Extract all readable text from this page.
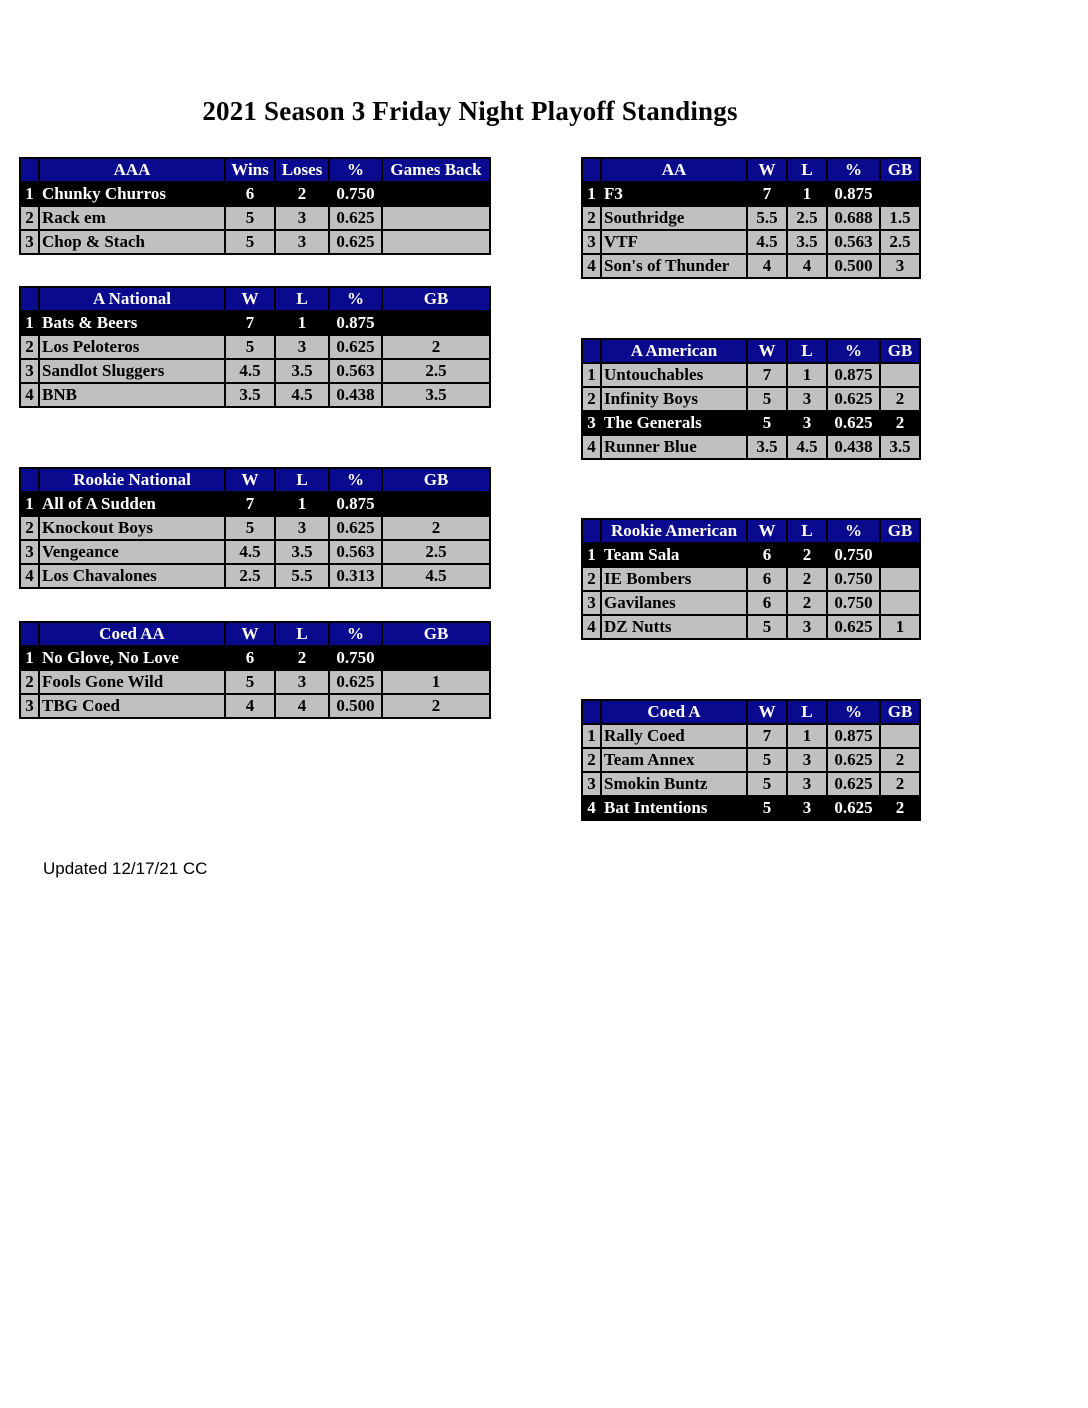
2021 Season 3 Friday Night Playoff Standings
	AAA	Wins	Loses	%	Games Back
1	Chunky Churros	6	2	0.750	
2	Rack em	5	3	0.625	
3	Chop & Stach	5	3	0.625	
	A National	W	L	%	GB
1	Bats & Beers	7	1	0.875	
2	Los Peloteros	5	3	0.625	2
3	Sandlot Sluggers	4.5	3.5	0.563	2.5
4	BNB	3.5	4.5	0.438	3.5
	Rookie National	W	L	%	GB
1	All of A Sudden	7	1	0.875	
2	Knockout Boys	5	3	0.625	2
3	Vengeance	4.5	3.5	0.563	2.5
4	Los Chavalones	2.5	5.5	0.313	4.5
	Coed AA	W	L	%	GB
1	No Glove, No Love	6	2	0.750	
2	Fools Gone Wild	5	3	0.625	1
3	TBG Coed	4	4	0.500	2
	AA	W	L	%	GB
1	F3	7	1	0.875	
2	Southridge	5.5	2.5	0.688	1.5
3	VTF	4.5	3.5	0.563	2.5
4	Son's of Thunder	4	4	0.500	3
	A American	W	L	%	GB
1	Untouchables	7	1	0.875	
2	Infinity Boys	5	3	0.625	2
3	The Generals	5	3	0.625	2
4	Runner Blue	3.5	4.5	0.438	3.5
	Rookie American	W	L	%	GB
1	Team Sala	6	2	0.750	
2	IE Bombers	6	2	0.750	
3	Gavilanes	6	2	0.750	
4	DZ Nutts	5	3	0.625	1
	Coed A	W	L	%	GB
1	Rally Coed	7	1	0.875	
2	Team Annex	5	3	0.625	2
3	Smokin Buntz	5	3	0.625	2
4	Bat Intentions	5	3	0.625	2
Updated 12/17/21 CC
